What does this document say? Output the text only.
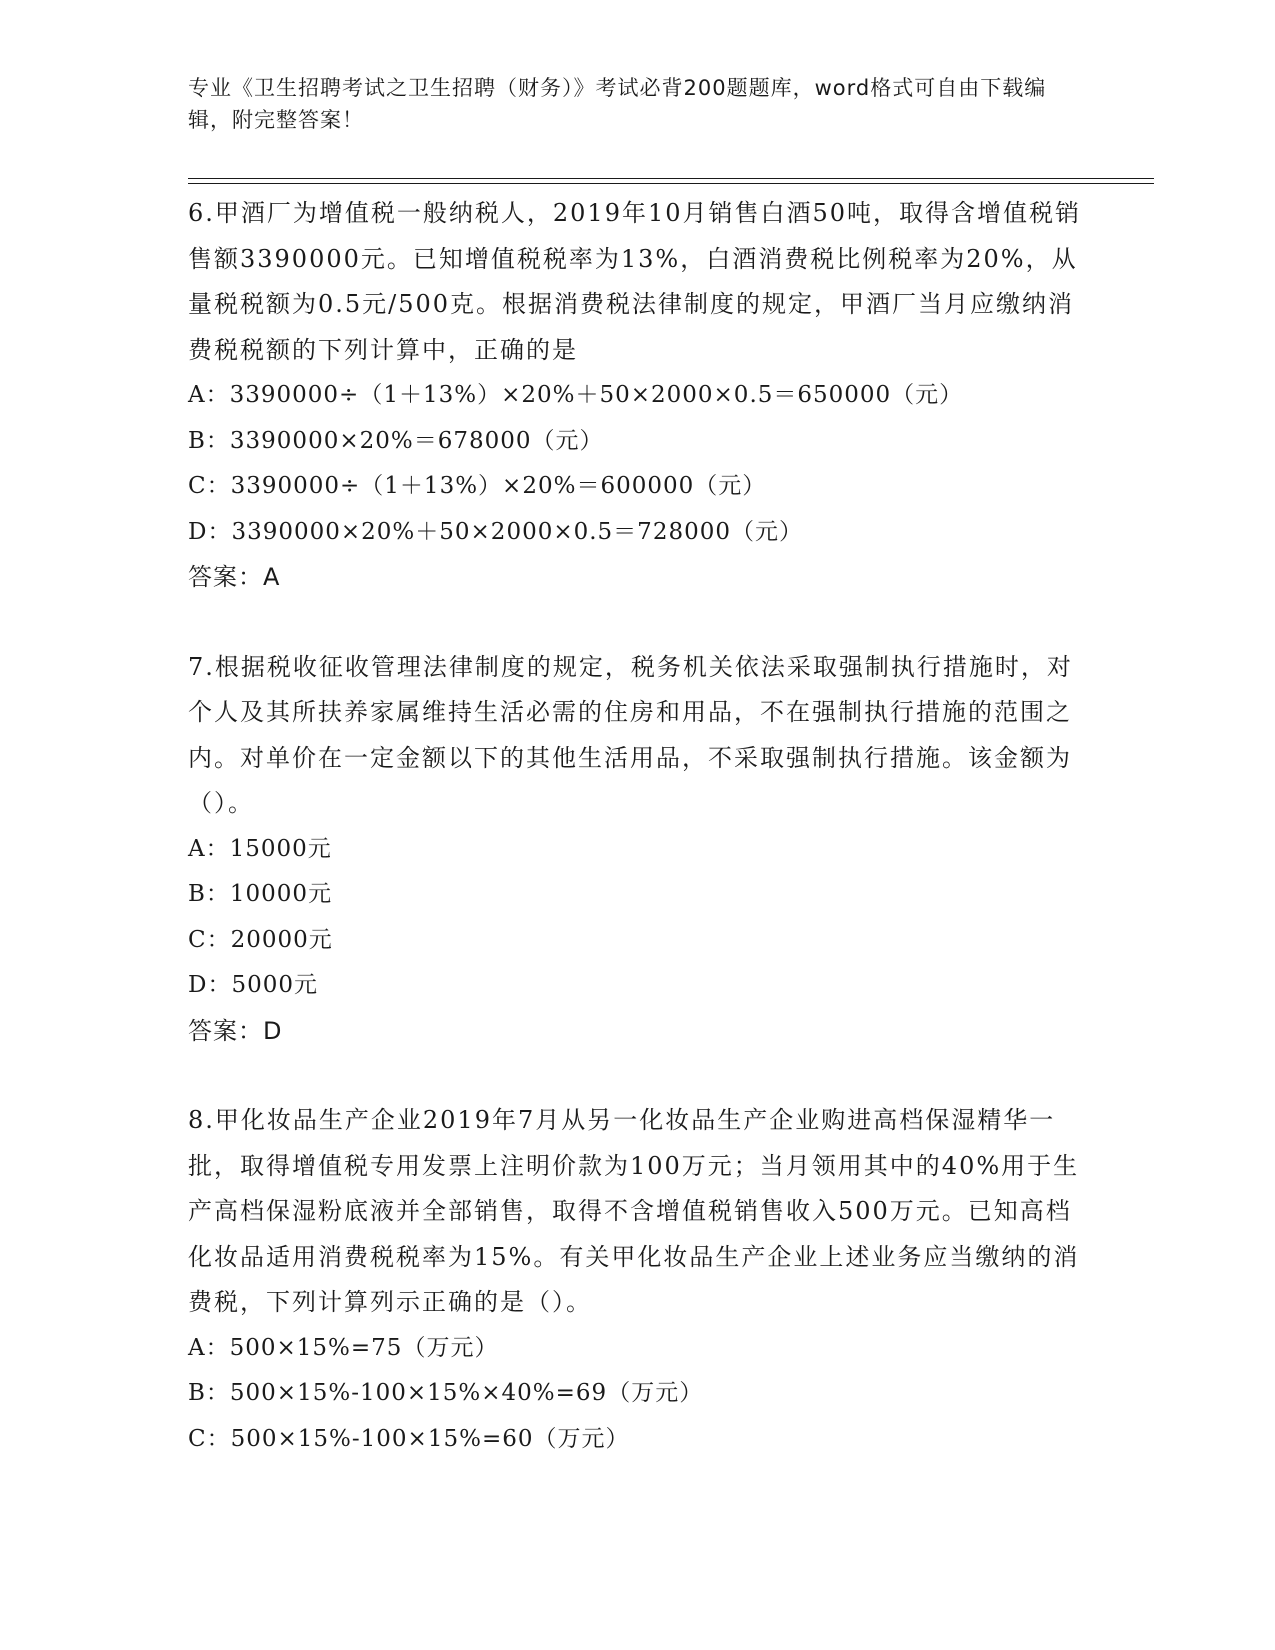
专业《卫生招聘考试之卫生招聘（财务）》考试必背200题题库，word格式可自由下载编辑，附完整答案！
6.甲酒厂为增值税一般纳税人，2019年10月销售白酒50吨，取得含增值税销售额3390000元。已知增值税税率为13%，白酒消费税比例税率为20%，从量税税额为0.5元/500克。根据消费税法律制度的规定，甲酒厂当月应缴纳消费税税额的下列计算中，正确的是
A：3390000÷（1＋13%）×20%＋50×2000×0.5＝650000（元）
B：3390000×20%＝678000（元）
C：3390000÷（1＋13%）×20%＝600000（元）
D：3390000×20%＋50×2000×0.5＝728000（元）
答案：A
7.根据税收征收管理法律制度的规定，税务机关依法采取强制执行措施时，对个人及其所扶养家属维持生活必需的住房和用品，不在强制执行措施的范围之内。对单价在一定金额以下的其他生活用品，不采取强制执行措施。该金额为（）。
A：15000元
B：10000元
C：20000元
D：5000元
答案：D
8.甲化妆品生产企业2019年7月从另一化妆品生产企业购进高档保湿精华一批，取得增值税专用发票上注明价款为100万元；当月领用其中的40%用于生产高档保湿粉底液并全部销售，取得不含增值税销售收入500万元。已知高档化妆品适用消费税税率为15%。有关甲化妆品生产企业上述业务应当缴纳的消费税，下列计算列示正确的是（）。
A：500×15%=75（万元）
B：500×15%-100×15%×40%=69（万元）
C：500×15%-100×15%=60（万元）
